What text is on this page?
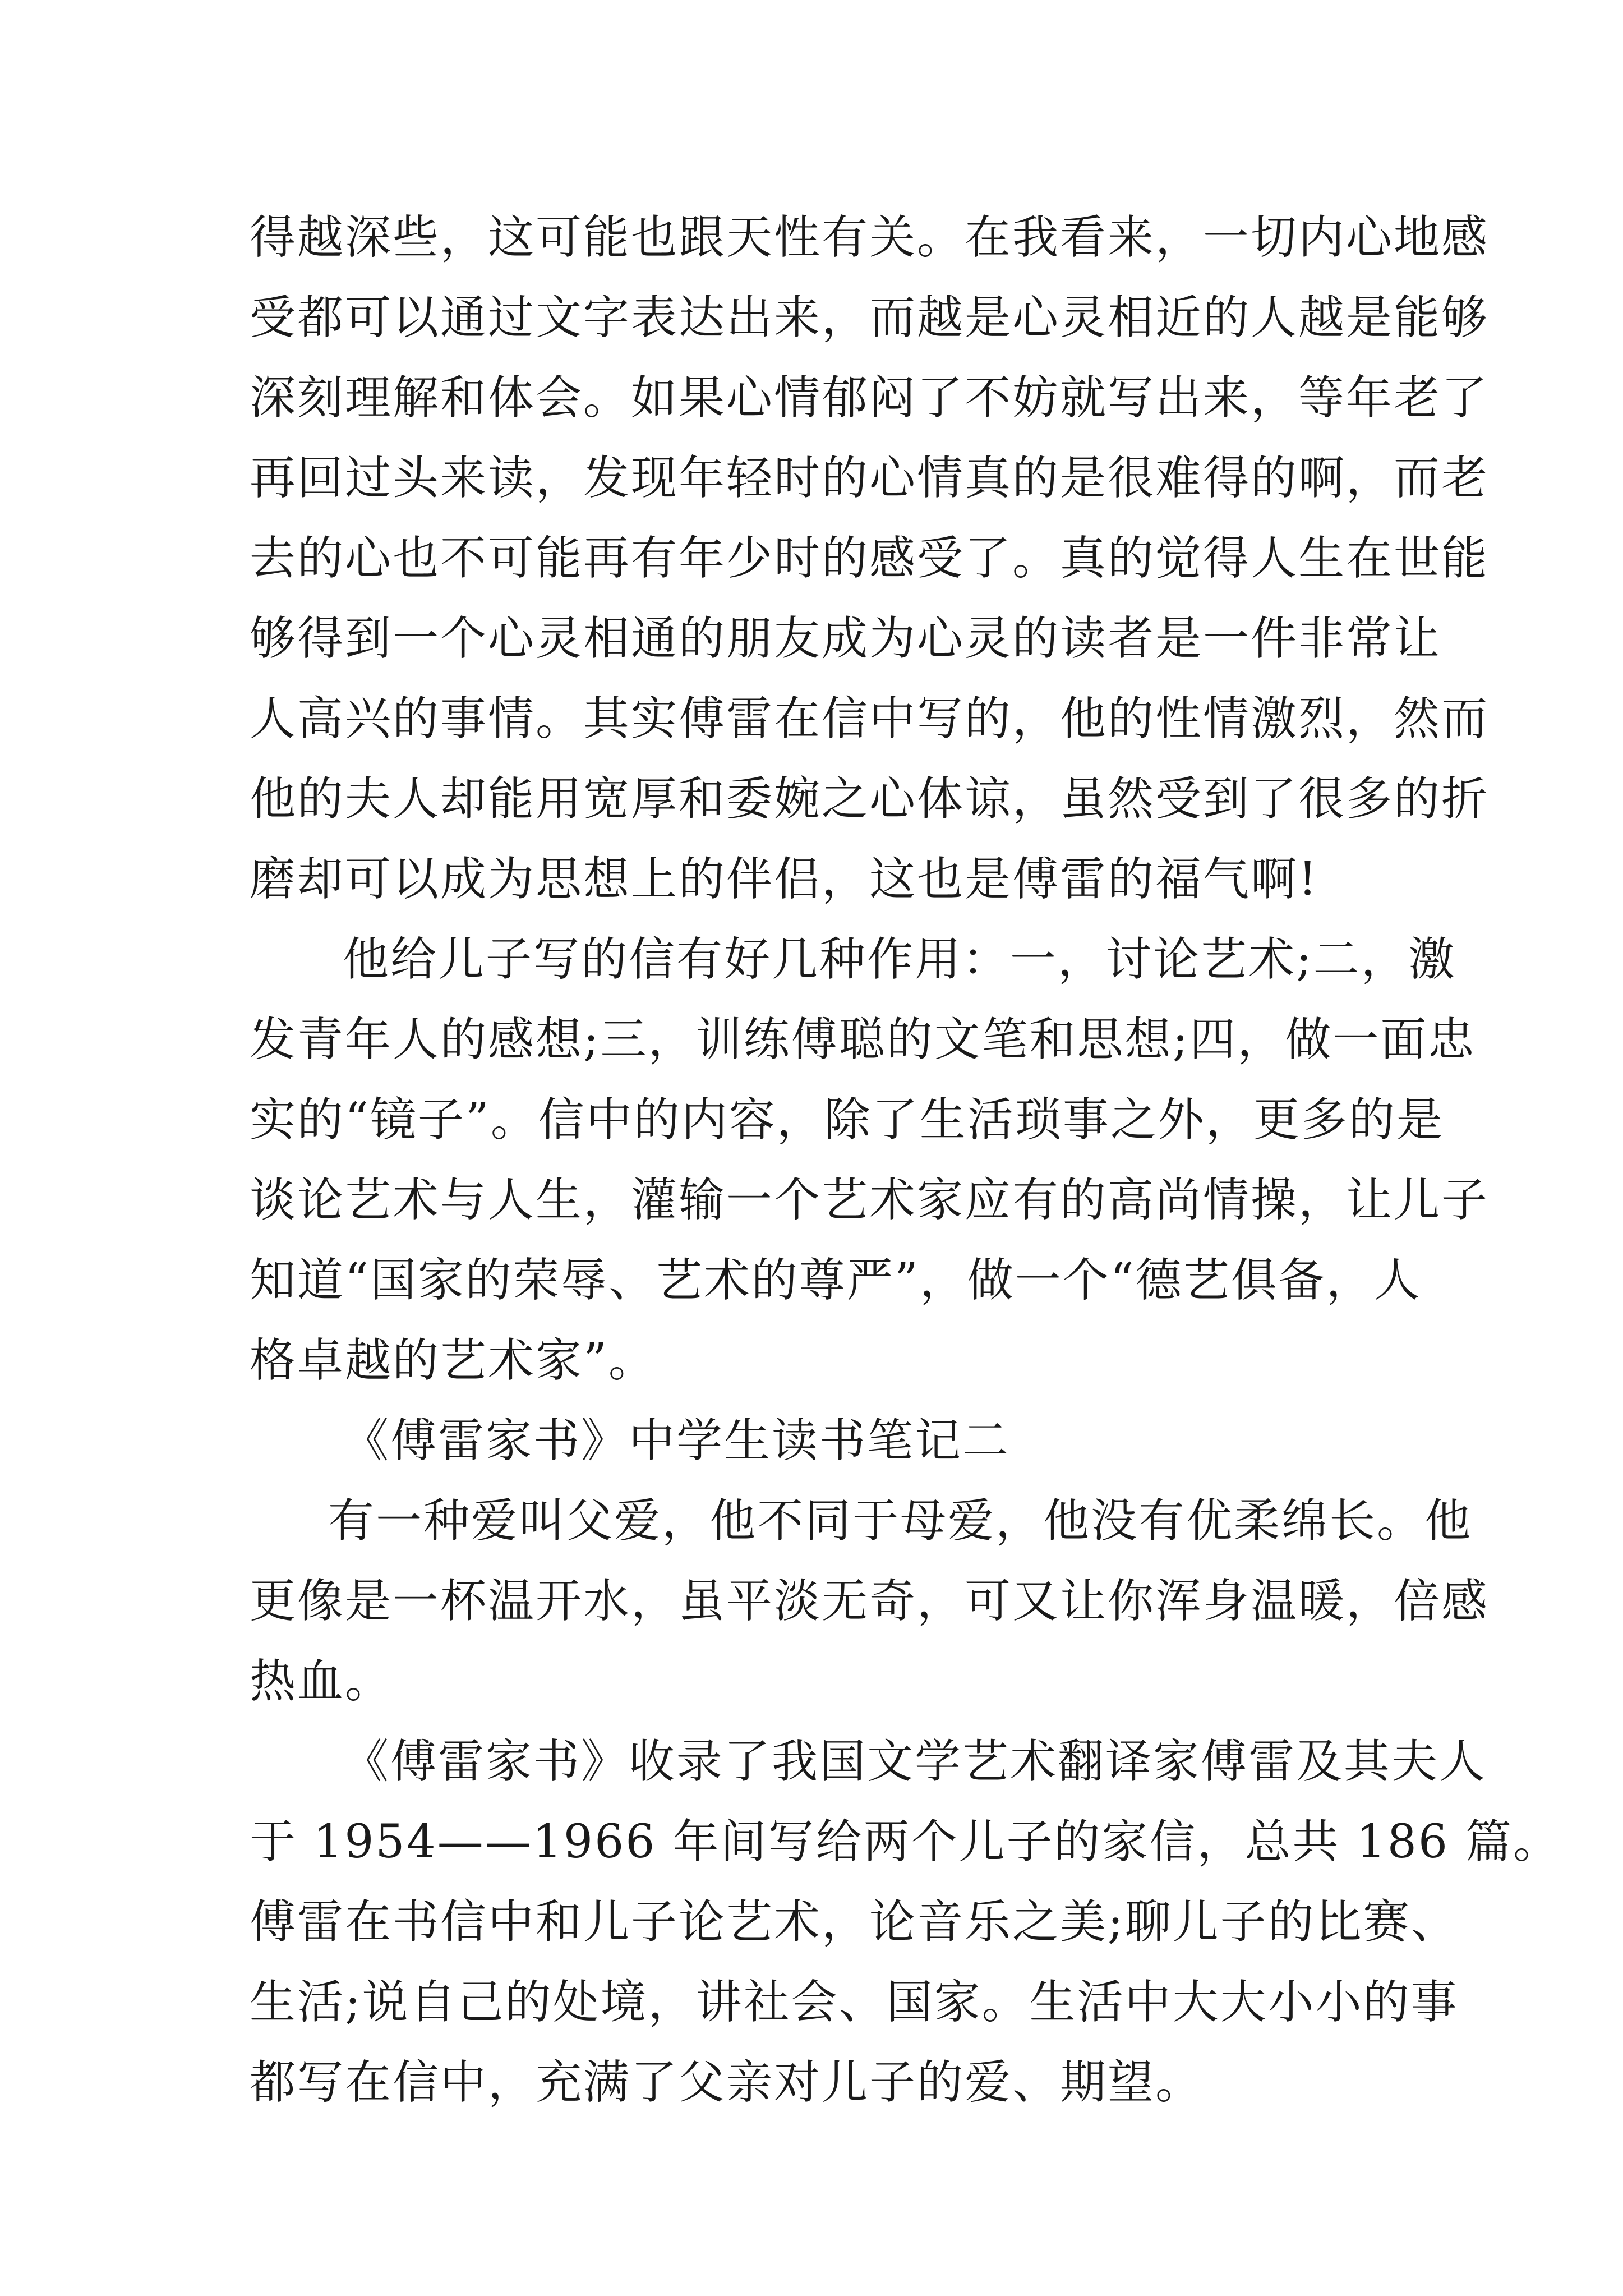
得越深些，这可能也跟天性有关。在我看来，一切内心地感
受都可以通过文字表达出来，而越是心灵相近的人越是能够
深刻理解和体会。如果心情郁闷了不妨就写出来，等年老了
再回过头来读，发现年轻时的心情真的是很难得的啊，而老
去的心也不可能再有年少时的感受了。真的觉得人生在世能
够得到一个心灵相通的朋友成为心灵的读者是一件非常让
人高兴的事情。其实傅雷在信中写的，他的性情激烈，然而
他的夫人却能用宽厚和委婉之心体谅，虽然受到了很多的折
磨却可以成为思想上的伴侣，这也是傅雷的福气啊!
他给儿子写的信有好几种作用：一，讨论艺术;二，激
发青年人的感想;三，训练傅聪的文笔和思想;四，做一面忠
实的“镜子”。信中的内容，除了生活琐事之外，更多的是
谈论艺术与人生，灌输一个艺术家应有的高尚情操，让儿子
知道“国家的荣辱、艺术的尊严”，做一个“德艺俱备，人
格卓越的艺术家”。
《傅雷家书》中学生读书笔记二
有一种爱叫父爱，他不同于母爱，他没有优柔绵长。他
更像是一杯温开水，虽平淡无奇，可又让你浑身温暖，倍感
热血。
《傅雷家书》收录了我国文学艺术翻译家傅雷及其夫人
于 1954——1966 年间写给两个儿子的家信，总共 186 篇。
傅雷在书信中和儿子论艺术，论音乐之美;聊儿子的比赛、
生活;说自己的处境，讲社会、国家。生活中大大小小的事
都写在信中，充满了父亲对儿子的爱、期望。
